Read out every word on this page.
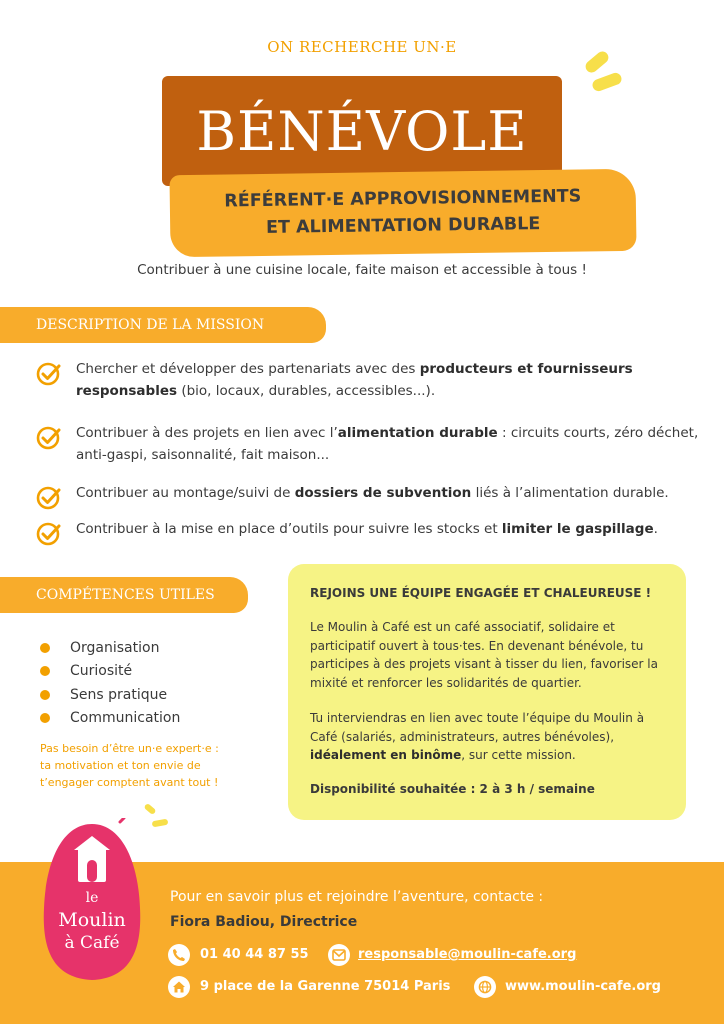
ON RECHERCHE UN·E
BÉNÉVOLE
RÉFÉRENT·E APPROVISIONNEMENTS
ET ALIMENTATION DURABLE
Contribuer à une cuisine locale, faite maison et accessible à tous !
DESCRIPTION DE LA MISSION
Chercher et développer des partenariats avec des producteurs et fournisseurs responsables (bio, locaux, durables, accessibles...).
Contribuer à des projets en lien avec l’alimentation durable : circuits courts, zéro déchet, anti-gaspi, saisonnalité, fait maison...
Contribuer au montage/suivi de dossiers de subvention liés à l’alimentation durable.
Contribuer à la mise en place d’outils pour suivre les stocks et limiter le gaspillage.
COMPÉTENCES UTILES
Organisation
Curiosité
Sens pratique
Communication
Pas besoin d’être un·e expert·e :
ta motivation et ton envie de
t’engager comptent avant tout !
REJOINS UNE ÉQUIPE ENGAGÉE ET CHALEUREUSE !
Le Moulin à Café est un café associatif, solidaire et participatif ouvert à tous·tes. En devenant bénévole, tu participes à des projets visant à tisser du lien, favoriser la mixité et renforcer les solidarités de quartier.
Tu interviendras en lien avec toute l’équipe du Moulin à Café (salariés, administrateurs, autres bénévoles), idéalement en binôme, sur cette mission.
Disponibilité souhaitée : 2 à 3 h / semaine
le
Moulin
à Café
Pour en savoir plus et rejoindre l’aventure, contacte :
Fiora Badiou, Directrice
01 40 44 87 55	responsable@moulin-cafe.org
9 place de la Garenne 75014 Paris	www.moulin-cafe.org
